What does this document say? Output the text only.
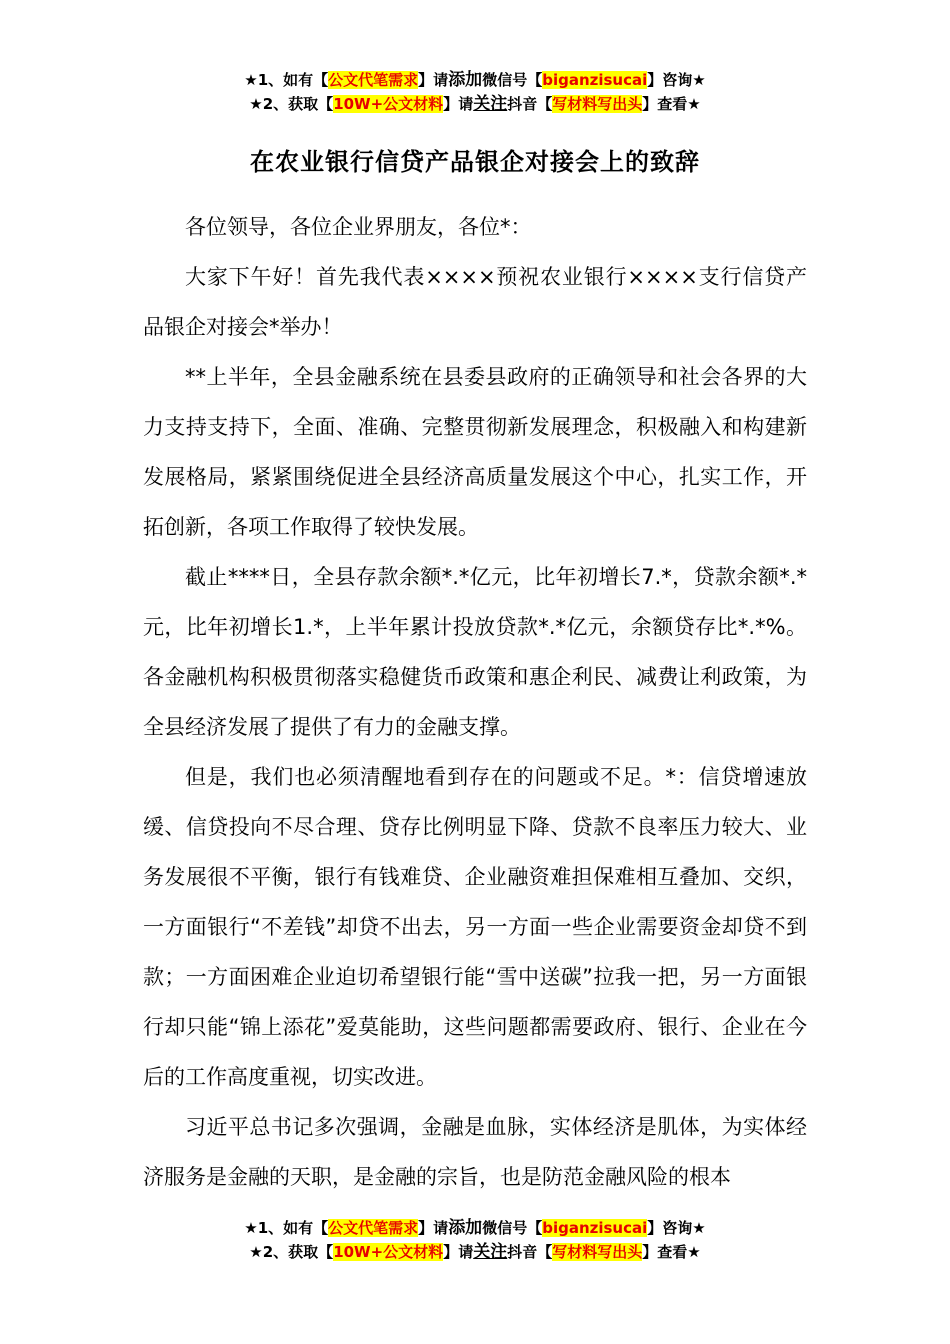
★1、如有【公文代笔需求】请添加微信号【biganzisucai】咨询★
★2、获取【10W+公文材料】请关注抖音【写材料写出头】查看★
在农业银行信贷产品银企对接会上的致辞

各位领导，各位企业界朋友，各位*：

大家下午好！首先我代表××××预祝农业银行××××支行信贷产品银企对接会*举办！

**上半年，全县金融系统在县委县政府的正确领导和社会各界的大力支持支持下，全面、准确、完整贯彻新发展理念，积极融入和构建新发展格局，紧紧围绕促进全县经济高质量发展这个中心，扎实工作，开拓创新，各项工作取得了较快发展。

截止****日，全县存款余额*.*亿元，比年初增长7.*，贷款余额*.*元，比年初增长1.*，上半年累计投放贷款*.*亿元，余额贷存比*.*%。各金融机构积极贯彻落实稳健货币政策和惠企利民、减费让利政策，为全县经济发展了提供了有力的金融支撑。

但是，我们也必须清醒地看到存在的问题或不足。*：信贷增速放缓、信贷投向不尽合理、贷存比例明显下降、贷款不良率压力较大、业务发展很不平衡，银行有钱难贷、企业融资难担保难相互叠加、交织，一方面银行“不差钱”却贷不出去，另一方面一些企业需要资金却贷不到款；一方面困难企业迫切希望银行能“雪中送碳”拉我一把，另一方面银行却只能“锦上添花”爱莫能助，这些问题都需要政府、银行、企业在今后的工作高度重视，切实改进。

习近平总书记多次强调，金融是血脉，实体经济是肌体，为实体经济服务是金融的天职，是金融的宗旨，也是防范金融风险的根本

★1、如有【公文代笔需求】请添加微信号【biganzisucai】咨询★
★2、获取【10W+公文材料】请关注抖音【写材料写出头】查看★
